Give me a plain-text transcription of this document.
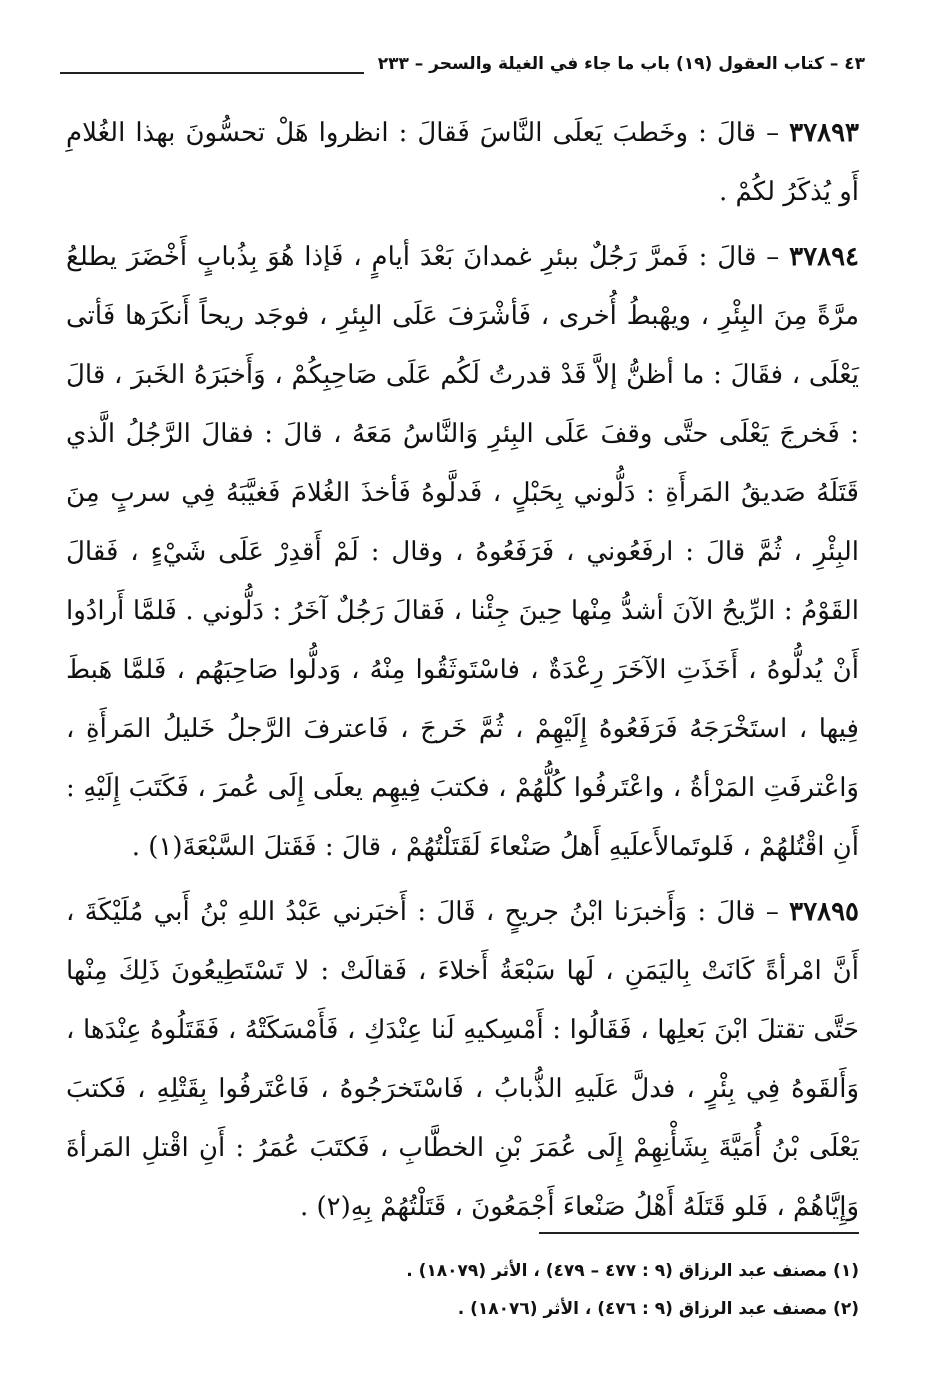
٤٣ – كتاب العقول (١٩) باب ما جاء في الغيلة والسحر – ٢٣٣

٣٧٨٩٣ – قالَ : وخَطبَ يَعلَى النَّاسَ فَقالَ : انظروا هَلْ تحسُّونَ بهذا الغُلامِ أَو يُذكَرُ لكُمْ .

٣٧٨٩٤ – قالَ : فَمرَّ رَجُلٌ ببئرِ غمدانَ بَعْدَ أيامٍ ، فَإذا هُوَ بِذُبابٍ أَخْضَرَ يطلعُ مرَّةً مِنَ البِئْرِ ، ويهْبطُ أُخرى ، فَأشْرَفَ عَلَى البِئرِ ، فوجَد ريحاً أَنكَرَها فَأتى يَعْلَى ، فقَالَ : ما أظنُّ إلاَّ قَدْ قدرتُ لَكُم عَلَى صَاحِبِكُمْ ، وَأَخبَرَهُ الخَبرَ ، قالَ : فَخرجَ يَعْلَى حتَّى وقفَ عَلَى البِئرِ وَالنَّاسُ مَعَهُ ، قالَ : فقالَ الرَّجُلُ الَّذي قَتَلَهُ صَديقُ المَرأَةِ : دَلُّوني بِحَبْلٍ ، فَدلَّوهُ فَأخذَ الغُلامَ فَغيَّبَهُ فِي سربٍ مِنَ البِئْرِ ، ثُمَّ قالَ : ارفَعُوني ، فَرَفَعُوهُ ، وقال : لَمْ أَقدِرْ عَلَى شَيْءٍ ، فَقالَ القَوْمُ : الرِّيحُ الآنَ أشدُّ مِنْها حِينَ جِئْنا ، فَقالَ رَجُلٌ آخَرُ : دَلُّوني . فَلمَّا أَرادُوا أَنْ يُدلُّوهُ ، أَخَذَتِ الآخَرَ رِعْدَةٌ ، فاسْتَوثَقُوا مِنْهُ ، وَدلُّوا صَاحِبَهُم ، فَلمَّا هَبطَ فِيها ، استَخْرَجَهُ فَرَفَعُوهُ إِلَيْهِمْ ، ثُمَّ خَرجَ ، فَاعترفَ الرَّجلُ خَليلُ المَرأَةِ ، وَاعْترفَتِ المَرْأةُ ، واعْتَرفُوا كُلُّهُمْ ، فكتبَ فِيهِم يعلَى إِلَى عُمرَ ، فَكَتَبَ إِلَيْهِ : أَنِ اقْتُلهُمْ ، فَلوتَمالأَعلَيهِ أَهلُ صَنْعاءَ لَقَتَلْتُهُمْ ، قالَ : فَقَتلَ السَّبْعَةَ(١) .

٣٧٨٩٥ – قالَ : وَأَخبرَنا ابْنُ جريحٍ ، قَالَ : أَخبَرني عَبْدُ اللهِ بْنُ أَبي مُلَيْكَةَ ، أَنَّ امْرأةً كَانَتْ بِاليَمَنِ ، لَها سَبْعَةُ أَخلاءَ ، فَقالَتْ : لا تَسْتَطِيعُونَ ذَلِكَ مِنْها حَتَّى تقتلَ ابْنَ بَعلِها ، فَقَالُوا : أَمْسِكيهِ لَنا عِنْدَكِ ، فَأَمْسَكَتْهُ ، فَقَتَلُوهُ عِنْدَها ، وَأَلقَوهُ فِي بِئْرٍ ، فدلَّ عَلَيهِ الذُّبابُ ، فَاسْتَخرَجُوهُ ، فَاعْتَرفُوا بِقَتْلِهِ ، فَكتبَ يَعْلَى بْنُ أُمَيَّةَ بِشَأْنِهِمْ إِلَى عُمَرَ بْنِ الخطَّابِ ، فَكتَبَ عُمَرُ : أَنِ اقْتلِ المَرأةَ وَإِيَّاهُمْ ، فَلو قَتَلَهُ أَهْلُ صَنْعاءَ أَجْمَعُونَ ، قَتَلْتُهُمْ بِهِ(٢) .

(١) مصنف عبد الرزاق (٩ : ٤٧٧ – ٤٧٩) ، الأثر (١٨٠٧٩) .
(٢) مصنف عبد الرزاق (٩ : ٤٧٦) ، الأثر (١٨٠٧٦) .
